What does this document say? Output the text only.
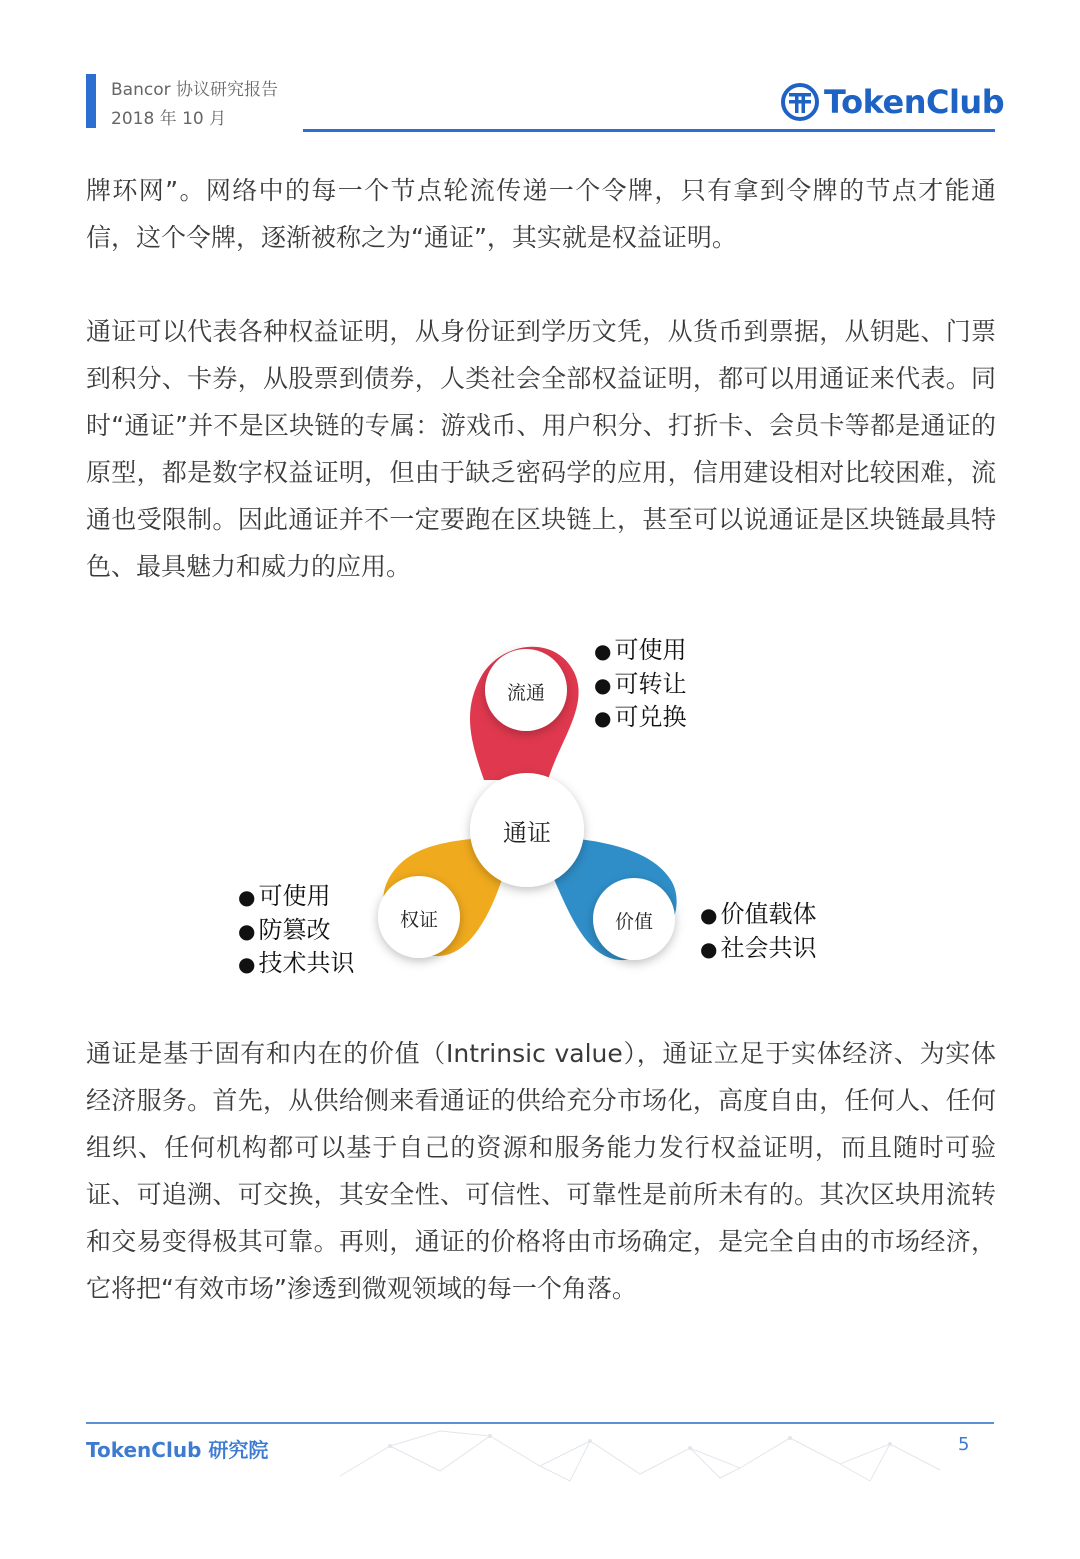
Bancor 协议研究报告
2018 年 10 月	TokenClub

牌环网”。网络中的每一个节点轮流传递一个令牌，只有拿到令牌的节点才能通信，这个令牌，逐渐被称之为“通证”，其实就是权益证明。

通证可以代表各种权益证明，从身份证到学历文凭，从货币到票据，从钥匙、门票到积分、卡券，从股票到债券，人类社会全部权益证明，都可以用通证来代表。同时“通证”并不是区块链的专属：游戏币、用户积分、打折卡、会员卡等都是通证的原型，都是数字权益证明，但由于缺乏密码学的应用，信用建设相对比较困难，流通也受限制。因此通证并不一定要跑在区块链上，甚至可以说通证是区块链最具特色、最具魅力和威力的应用。

通证
流通
权证	价值
● 可使用
● 可转让
● 可兑换
● 可使用
● 防篡改
● 技术共识
● 价值载体
● 社会共识

通证是基于固有和内在的价值（Intrinsic value），通证立足于实体经济、为实体经济服务。首先，从供给侧来看通证的供给充分市场化，高度自由，任何人、任何组织、任何机构都可以基于自己的资源和服务能力发行权益证明，而且随时可验证、可追溯、可交换，其安全性、可信性、可靠性是前所未有的。其次区块用流转和交易变得极其可靠。再则，通证的价格将由市场确定，是完全自由的市场经济，它将把“有效市场”渗透到微观领域的每一个角落。

TokenClub 研究院	5
